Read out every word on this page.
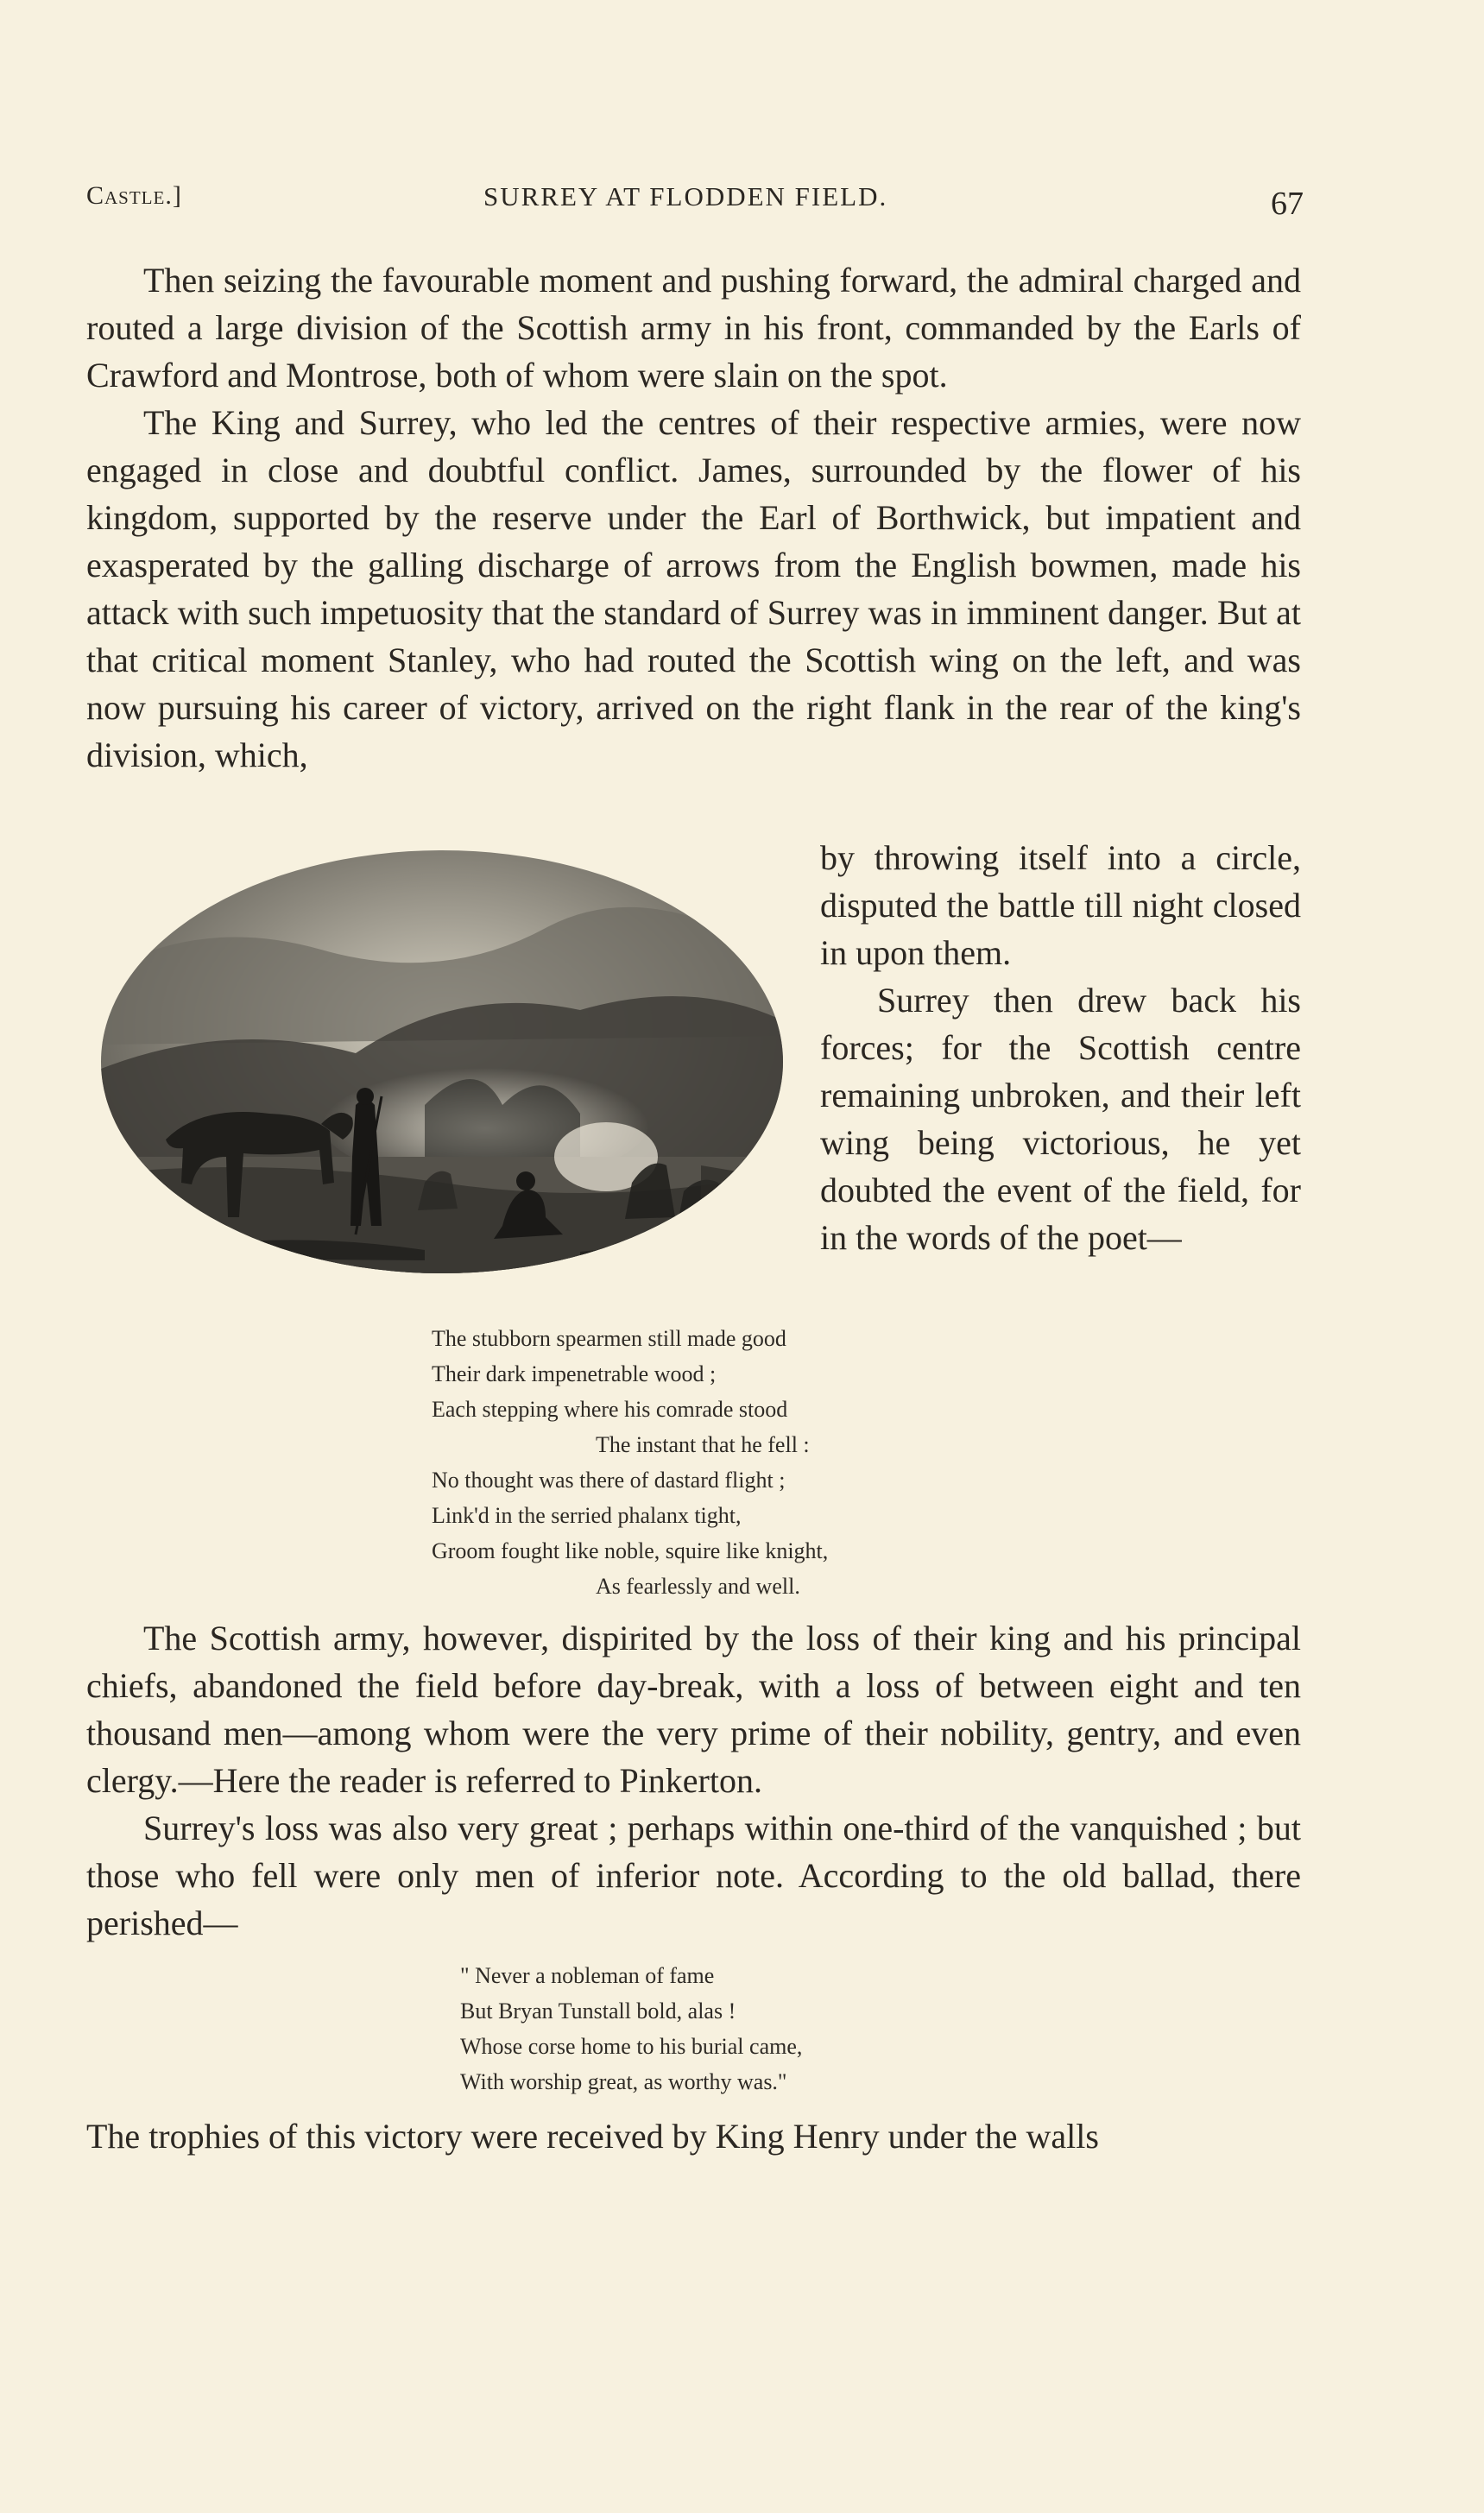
Castle.]	SURREY AT FLODDEN FIELD.	67

Then seizing the favourable moment and pushing forward, the admiral charged and routed a large division of the Scottish army in his front, commanded by the Earls of Crawford and Montrose, both of whom were slain on the spot.

The King and Surrey, who led the centres of their respective armies, were now engaged in close and doubtful conflict. James, surrounded by the flower of his kingdom, supported by the reserve under the Earl of Borthwick, but impatient and exasperated by the galling discharge of arrows from the English bowmen, made his attack with such impetuosity that the standard of Surrey was in imminent danger. But at that critical moment Stanley, who had routed the Scottish wing on the left, and was now pursuing his career of victory, arrived on the right flank in the rear of the king's division, which,

by throwing itself into a circle, disputed the battle till night closed in upon them.

Surrey then drew back his forces; for the Scottish centre remaining unbroken, and their left wing being victorious, he yet doubted the event of the field, for in the words of the poet—

The stubborn spearmen still made good
Their dark impenetrable wood ;
Each stepping where his comrade stood
The instant that he fell :
No thought was there of dastard flight ;
Link'd in the serried phalanx tight,
Groom fought like noble, squire like knight,
As fearlessly and well.

The Scottish army, however, dispirited by the loss of their king and his principal chiefs, abandoned the field before day-break, with a loss of between eight and ten thousand men—among whom were the very prime of their nobility, gentry, and even clergy.—Here the reader is referred to Pinkerton.

Surrey's loss was also very great ; perhaps within one-third of the vanquished ; but those who fell were only men of inferior note. According to the old ballad, there perished—

" Never a nobleman of fame
But Bryan Tunstall bold, alas !
Whose corse home to his burial came,
With worship great, as worthy was."

The trophies of this victory were received by King Henry under the walls
